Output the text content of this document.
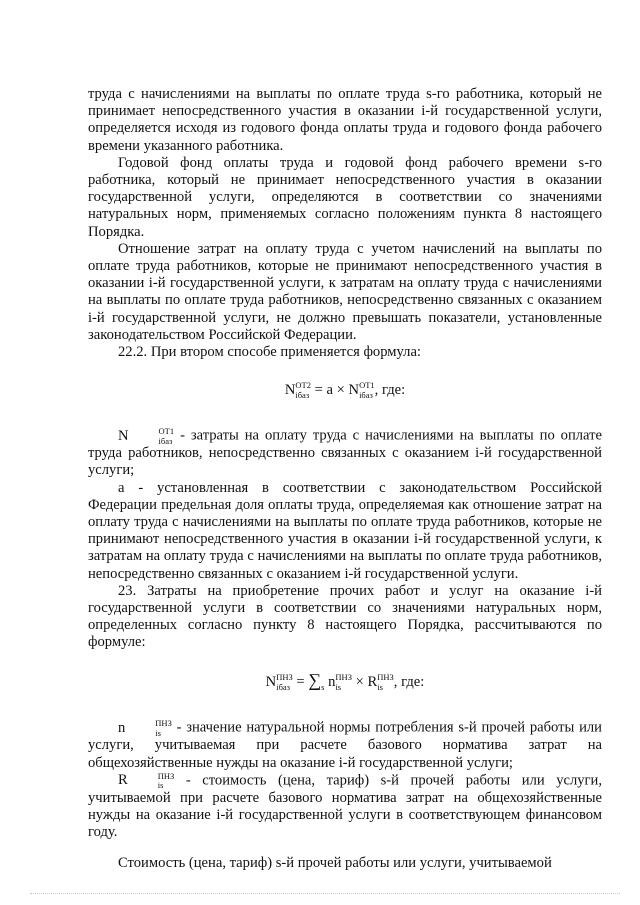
труда с начислениями на выплаты по оплате труда s-го работника, который не принимает непосредственного участия в оказании i-й государственной услуги, определяется исходя из годового фонда оплаты труда и годового фонда рабочего времени указанного работника.

Годовой фонд оплаты труда и годовой фонд рабочего времени s-го работника, который не принимает непосредственного участия в оказании государственной услуги, определяются в соответствии со значениями натуральных норм, применяемых согласно положениям пункта 8 настоящего Порядка.

Отношение затрат на оплату труда с учетом начислений на выплаты по оплате труда работников, которые не принимают непосредственного участия в оказании i-й государственной услуги, к затратам на оплату труда с начислениями на выплаты по оплате труда работников, непосредственно связанных с оказанием i-й государственной услуги, не должно превышать показатели, установленные законодательством Российской Федерации.

22.2. При втором способе применяется формула:

N OT2
iбаз = a × N OT1
iбаз , где:

N	OT1
iбаз - затраты на оплату труда с начислениями на выплаты по оплате труда работников, непосредственно связанных с оказанием i-й государственной услуги;

a - установленная в соответствии с законодательством Российской Федерации предельная доля оплаты труда, определяемая как отношение затрат на оплату труда с начислениями на выплаты по оплате труда работников, которые не принимают непосредственного участия в оказании i-й государственной услуги, к затратам на оплату труда с начислениями на выплаты по оплате труда работников, непосредственно связанных с оказанием i-й государственной услуги.

23. Затраты на приобретение прочих работ и услуг на оказание i-й государственной услуги в соответствии со значениями натуральных норм, определенных согласно пункту 8 настоящего Порядка, рассчитываются по формуле:

N ПНЗ
iбаз = ∑
s n ПНЗ
is × R ПНЗ
is , где:

n	ПНЗ
is	- значение натуральной нормы потребления s-й прочей работы или услуги, учитываемая при расчете базового норматива затрат на общехозяйственные нужды на оказание i-й государственной услуги;

R	ПНЗ
is	- стоимость (цена, тариф) s-й прочей работы или услуги, учитываемой при расчете базового норматива затрат на общехозяйственные нужды на оказание i-й государственной услуги в соответствующем финансовом году.

Стоимость (цена, тариф) s-й прочей работы или услуги, учитываемой
